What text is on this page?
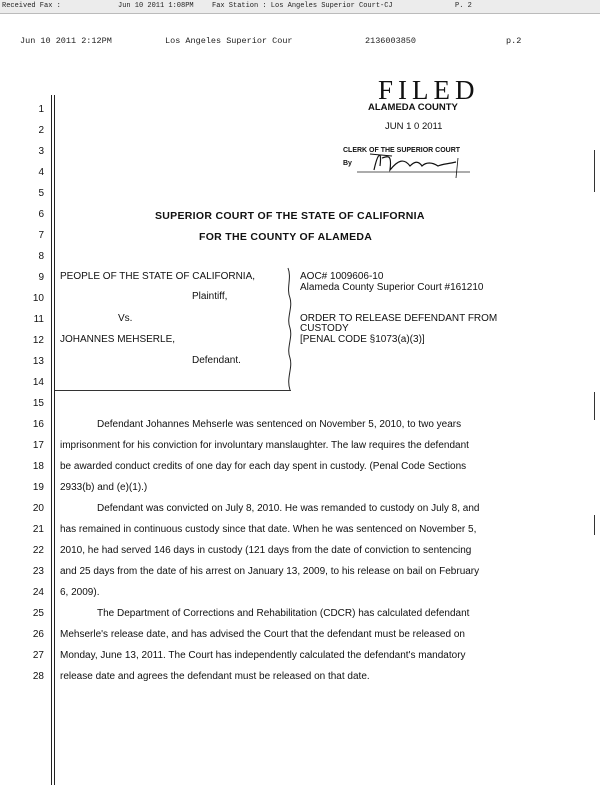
Received Fax :	Jun 10 2011 1:08PM	Fax Station : Los Angeles Superior Court-CJ	P. 2
Jun 10 2011 2:12PM	Los Angeles Superior Cour	2136003850	p.2
FILED
ALAMEDA COUNTY
JUN 1 0 2011
CLERK OF THE SUPERIOR COURT
By
1
2
3
4
5
6
7
8
9
10
11
12
13
14
15
16
17
18
19
20
21
22
23
24
25
26
27
28
SUPERIOR COURT OF THE STATE OF CALIFORNIA
FOR THE COUNTY OF ALAMEDA
PEOPLE OF THE STATE OF CALIFORNIA,
Plaintiff,
Vs.
JOHANNES MEHSERLE,
Defendant.
AOC# 1009606-10
Alameda County Superior Court #161210
ORDER TO RELEASE DEFENDANT FROM
CUSTODY
[PENAL CODE §1073(a)(3)]
Defendant Johannes Mehserle was sentenced on November 5, 2010, to two years
imprisonment for his conviction for involuntary manslaughter. The law requires the defendant
be awarded conduct credits of one day for each day spent in custody. (Penal Code Sections
2933(b) and (e)(1).)
Defendant was convicted on July 8, 2010. He was remanded to custody on July 8, and
has remained in continuous custody since that date. When he was sentenced on November 5,
2010, he had served 146 days in custody (121 days from the date of conviction to sentencing
and 25 days from the date of his arrest on January 13, 2009, to his release on bail on February
6, 2009).
The Department of Corrections and Rehabilitation (CDCR) has calculated defendant
Mehserle's release date, and has advised the Court that the defendant must be released on
Monday, June 13, 2011. The Court has independently calculated the defendant's mandatory
release date and agrees the defendant must be released on that date.
